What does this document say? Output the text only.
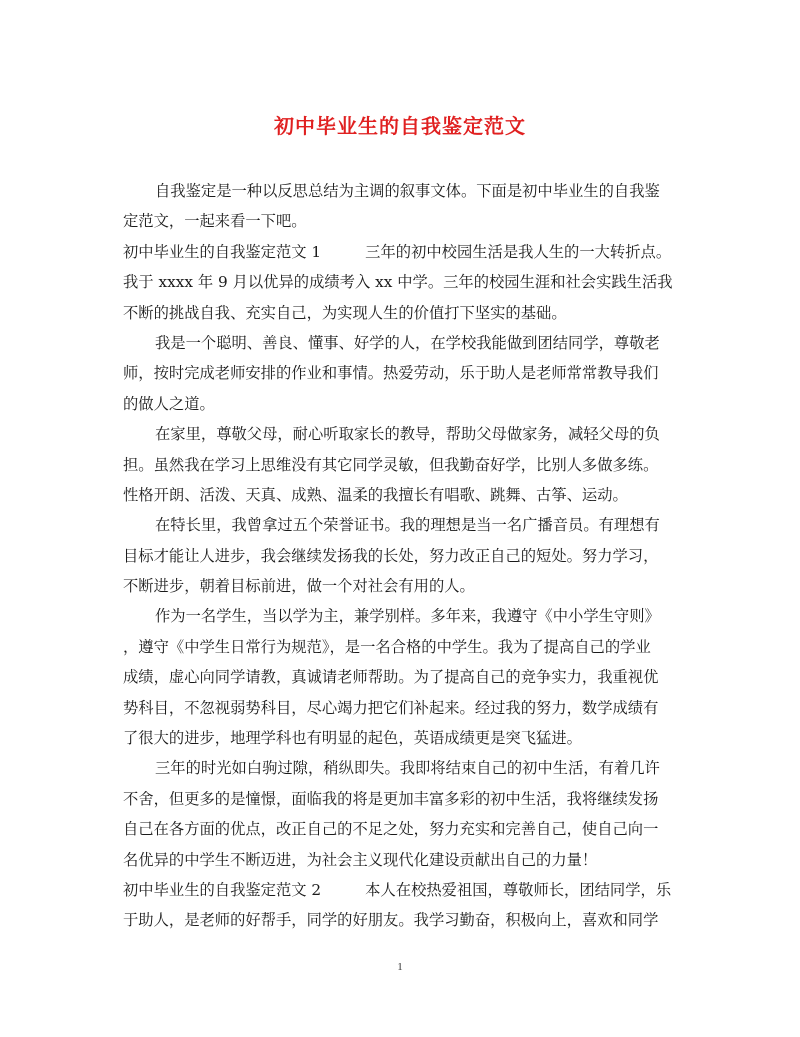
初中毕业生的自我鉴定范文
自我鉴定是一种以反思总结为主调的叙事文体。下面是初中毕业生的自我鉴
定范文，一起来看一下吧。
初中毕业生的自我鉴定范文 1	三年的初中校园生活是我人生的一大转折点。
我于 xxxx 年 9 月以优异的成绩考入 xx 中学。三年的校园生涯和社会实践生活我
不断的挑战自我、充实自己，为实现人生的价值打下坚实的基础。
我是一个聪明、善良、懂事、好学的人，在学校我能做到团结同学，尊敬老
师，按时完成老师安排的作业和事情。热爱劳动，乐于助人是老师常常教导我们
的做人之道。
在家里，尊敬父母，耐心听取家长的教导，帮助父母做家务，减轻父母的负
担。虽然我在学习上思维没有其它同学灵敏，但我勤奋好学，比别人多做多练。
性格开朗、活泼、天真、成熟、温柔的我擅长有唱歌、跳舞、古筝、运动。
在特长里，我曾拿过五个荣誉证书。我的理想是当一名广播音员。有理想有
目标才能让人进步，我会继续发扬我的长处，努力改正自己的短处。努力学习，
不断进步，朝着目标前进，做一个对社会有用的人。
作为一名学生，当以学为主，兼学别样。多年来，我遵守《中小学生守则》
，遵守《中学生日常行为规范》，是一名合格的中学生。我为了提高自己的学业
成绩，虚心向同学请教，真诚请老师帮助。为了提高自己的竞争实力，我重视优
势科目，不忽视弱势科目，尽心竭力把它们补起来。经过我的努力，数学成绩有
了很大的进步，地理学科也有明显的起色，英语成绩更是突飞猛进。
三年的时光如白驹过隙，稍纵即失。我即将结束自己的初中生活，有着几许
不舍，但更多的是憧憬，面临我的将是更加丰富多彩的初中生活，我将继续发扬
自己在各方面的优点，改正自己的不足之处，努力充实和完善自己，使自己向一
名优异的中学生不断迈进，为社会主义现代化建设贡献出自己的力量！
初中毕业生的自我鉴定范文 2	本人在校热爱祖国，尊敬师长，团结同学，乐
于助人，是老师的好帮手，同学的好朋友。我学习勤奋，积极向上，喜欢和同学
1
